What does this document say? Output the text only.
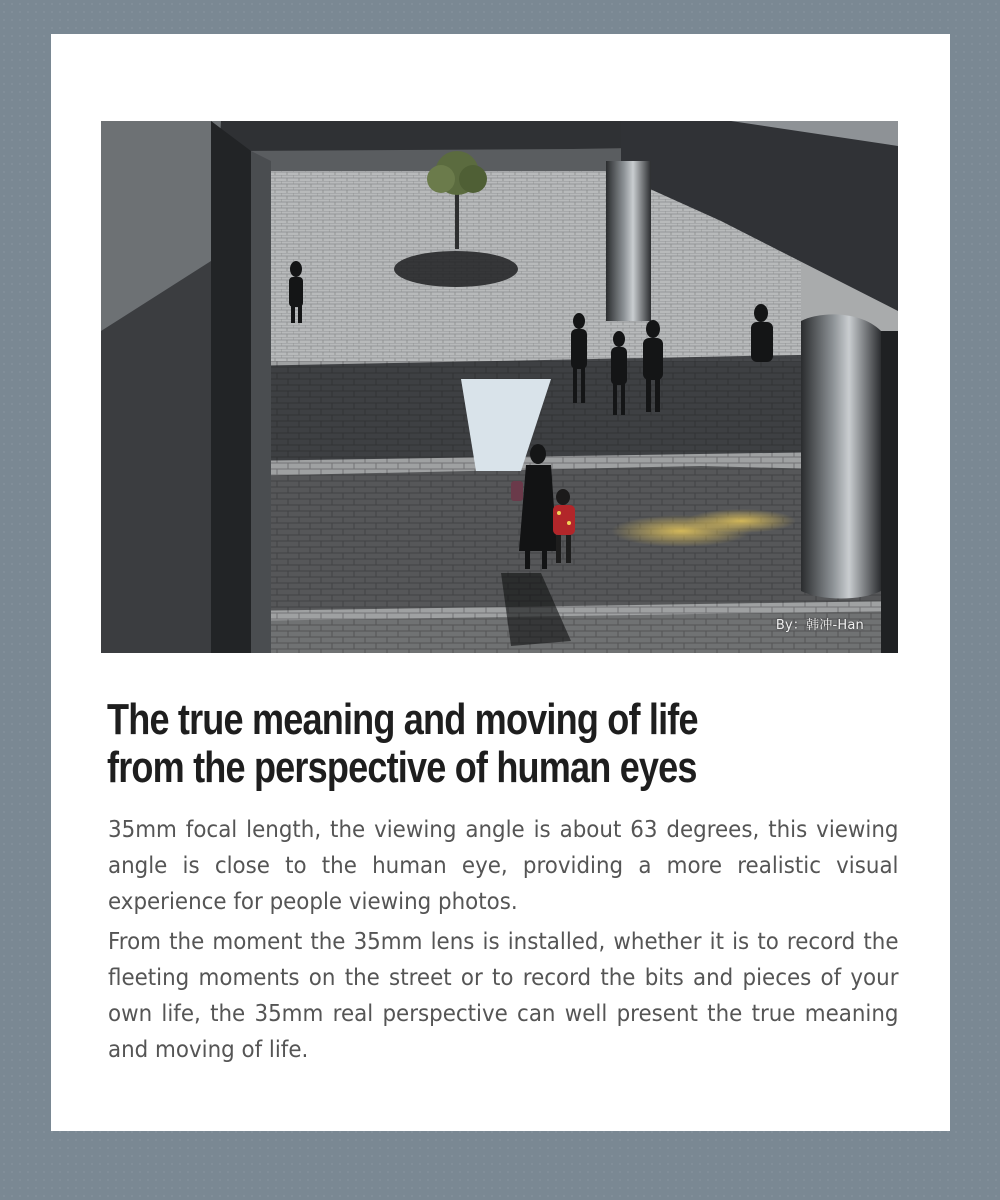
By：韩冲-Han
The true meaning and moving of life
from the perspective of human eyes

35mm focal length, the viewing angle is about 63 degrees, this viewing angle is close to the human eye, providing a more realistic visual experience for people viewing photos.

From the moment the 35mm lens is installed, whether it is to record the fleeting moments on the street or to record the bits and pieces of your own life, the 35mm real perspective can well present the true meaning and moving of life.
